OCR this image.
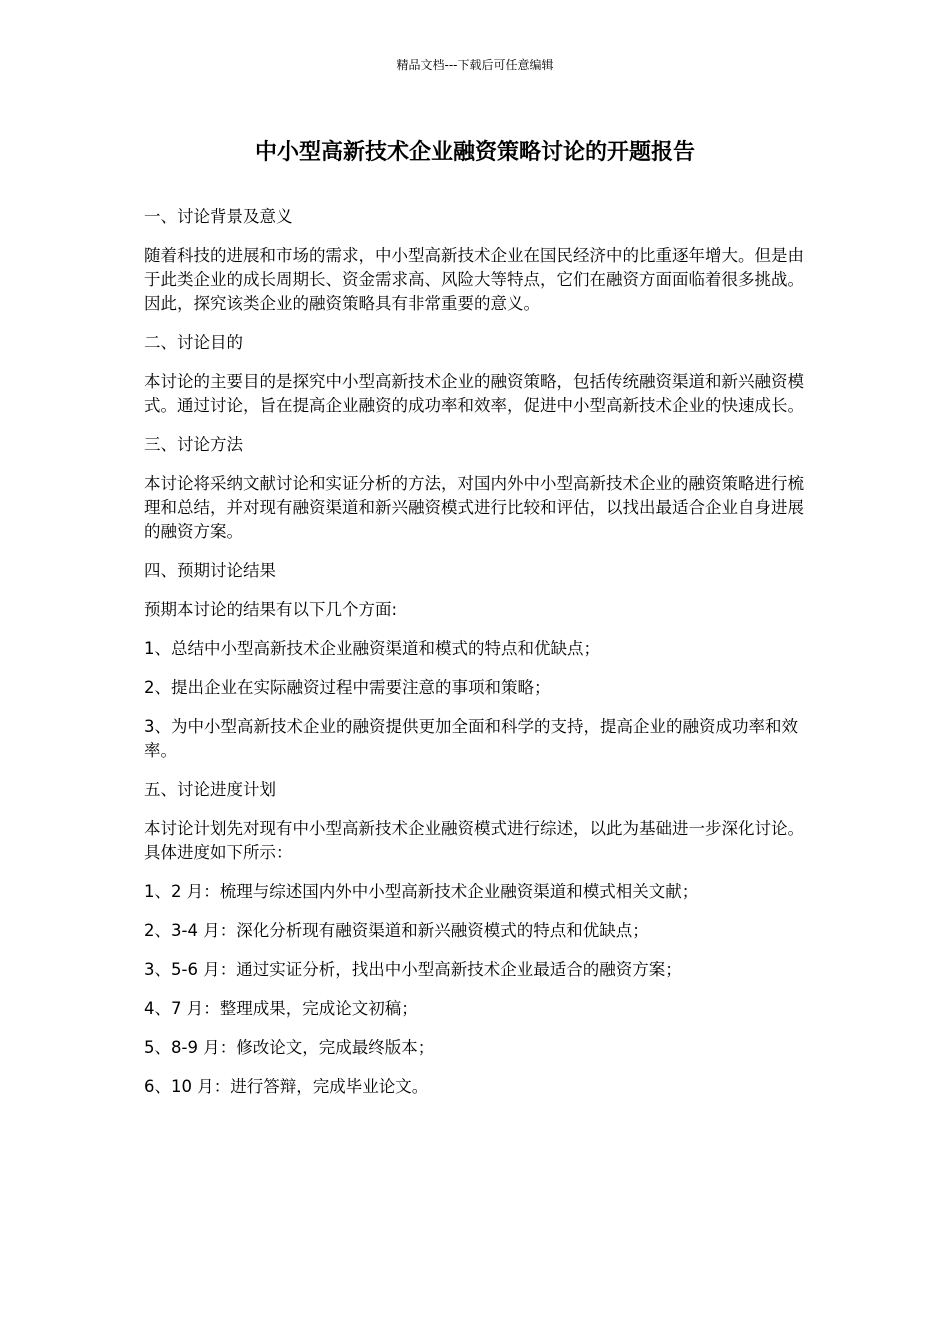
精品文档---下载后可任意编辑
中小型高新技术企业融资策略讨论的开题报告

一、讨论背景及意义

随着科技的进展和市场的需求，中小型高新技术企业在国民经济中的比重逐年增大。但是由于此类企业的成长周期长、资金需求高、风险大等特点，它们在融资方面面临着很多挑战。因此，探究该类企业的融资策略具有非常重要的意义。

二、讨论目的

本讨论的主要目的是探究中小型高新技术企业的融资策略，包括传统融资渠道和新兴融资模式。通过讨论，旨在提高企业融资的成功率和效率，促进中小型高新技术企业的快速成长。

三、讨论方法

本讨论将采纳文献讨论和实证分析的方法，对国内外中小型高新技术企业的融资策略进行梳理和总结，并对现有融资渠道和新兴融资模式进行比较和评估，以找出最适合企业自身进展的融资方案。

四、预期讨论结果

预期本讨论的结果有以下几个方面:

1、总结中小型高新技术企业融资渠道和模式的特点和优缺点；

2、提出企业在实际融资过程中需要注意的事项和策略；

3、为中小型高新技术企业的融资提供更加全面和科学的支持，提高企业的融资成功率和效率。

五、讨论进度计划

本讨论计划先对现有中小型高新技术企业融资模式进行综述，以此为基础进一步深化讨论。具体进度如下所示：

1、2 月：梳理与综述国内外中小型高新技术企业融资渠道和模式相关文献；

2、3-4 月：深化分析现有融资渠道和新兴融资模式的特点和优缺点；

3、5-6 月：通过实证分析，找出中小型高新技术企业最适合的融资方案；

4、7 月：整理成果，完成论文初稿；

5、8-9 月：修改论文，完成最终版本；

6、10 月：进行答辩，完成毕业论文。
